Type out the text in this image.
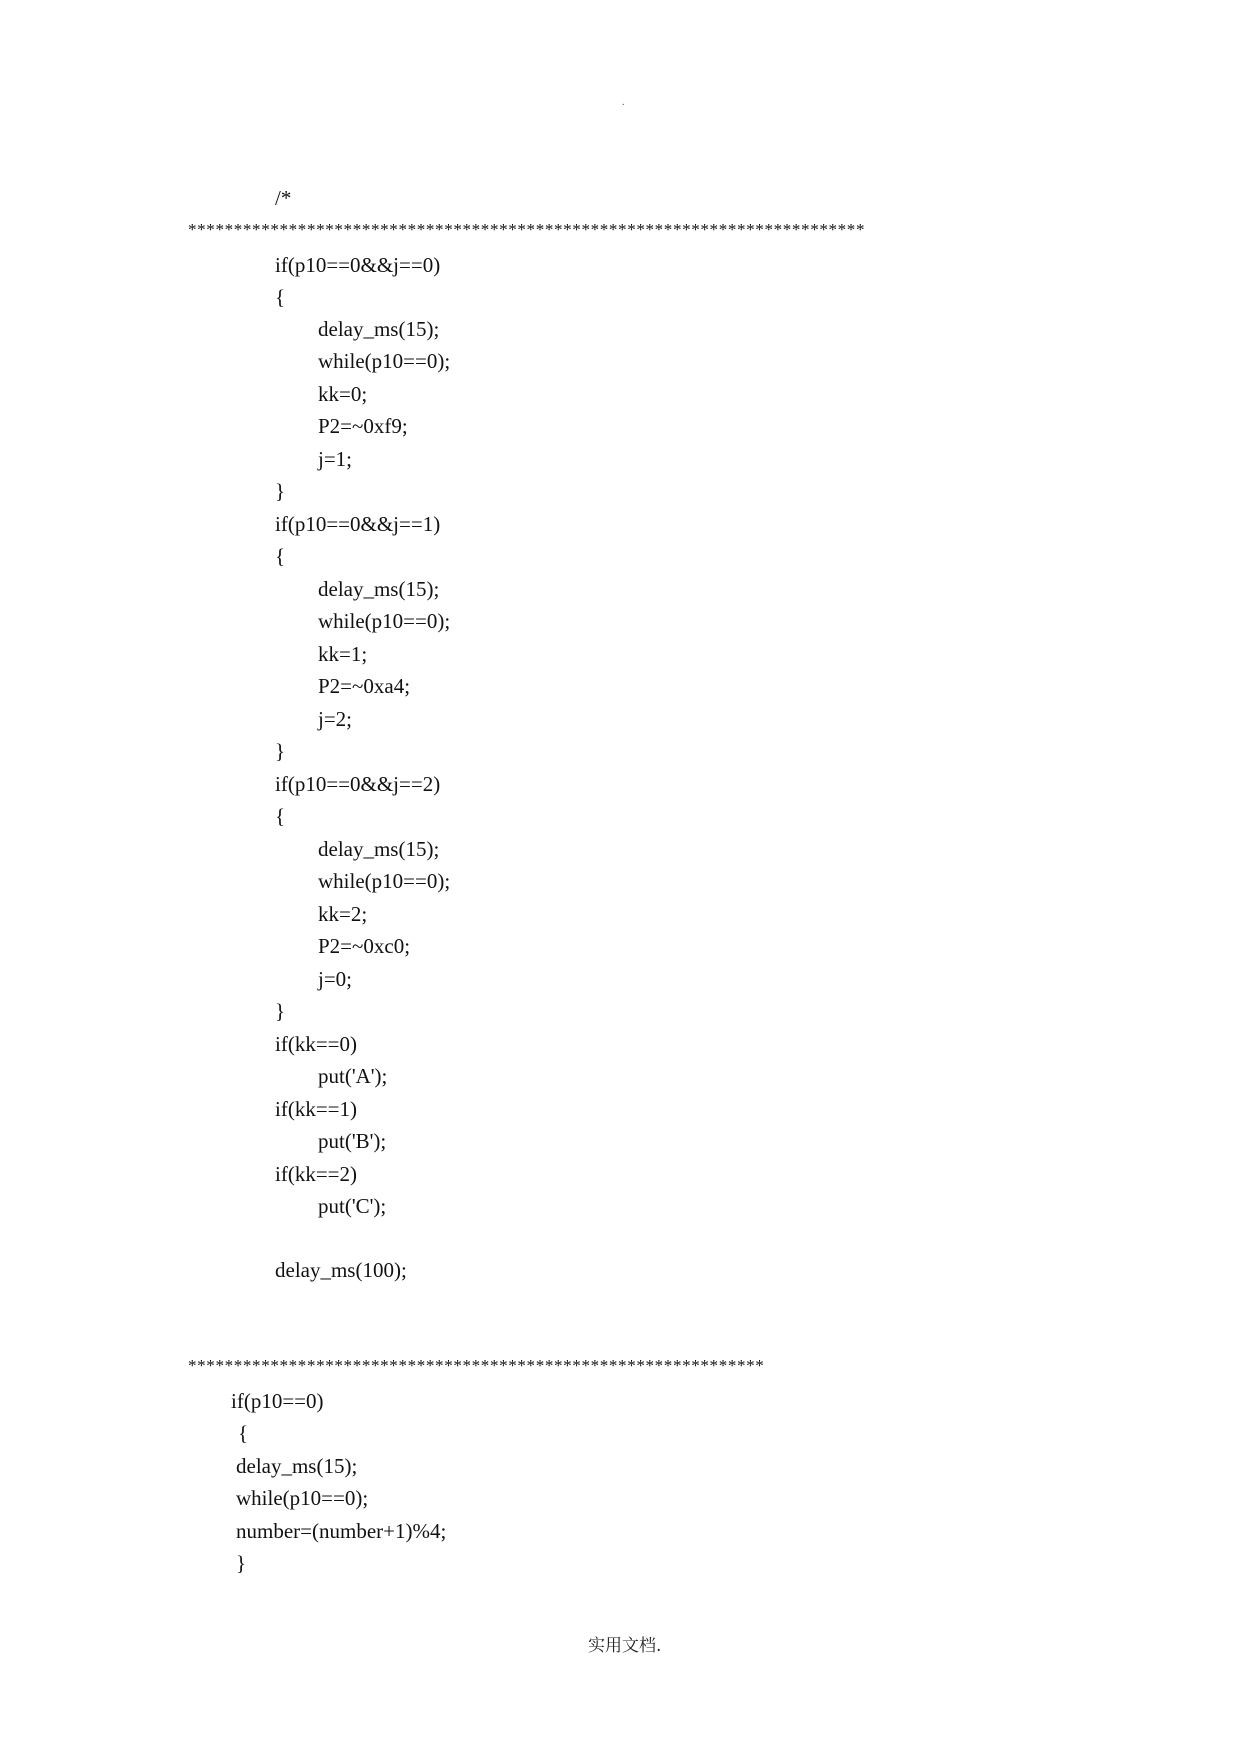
.
/*
**************************************************************************
if(p10==0&&j==0)
{
delay_ms(15);
while(p10==0);
kk=0;
P2=~0xf9;
j=1;
}
if(p10==0&&j==1)
{
delay_ms(15);
while(p10==0);
kk=1;
P2=~0xa4;
j=2;
}
if(p10==0&&j==2)
{
delay_ms(15);
while(p10==0);
kk=2;
P2=~0xc0;
j=0;
}
if(kk==0)
put('A');
if(kk==1)
put('B');
if(kk==2)
put('C');
delay_ms(100);
***************************************************************
if(p10==0)
{
delay_ms(15);
while(p10==0);
number=(number+1)%4;
}
实用文档.
